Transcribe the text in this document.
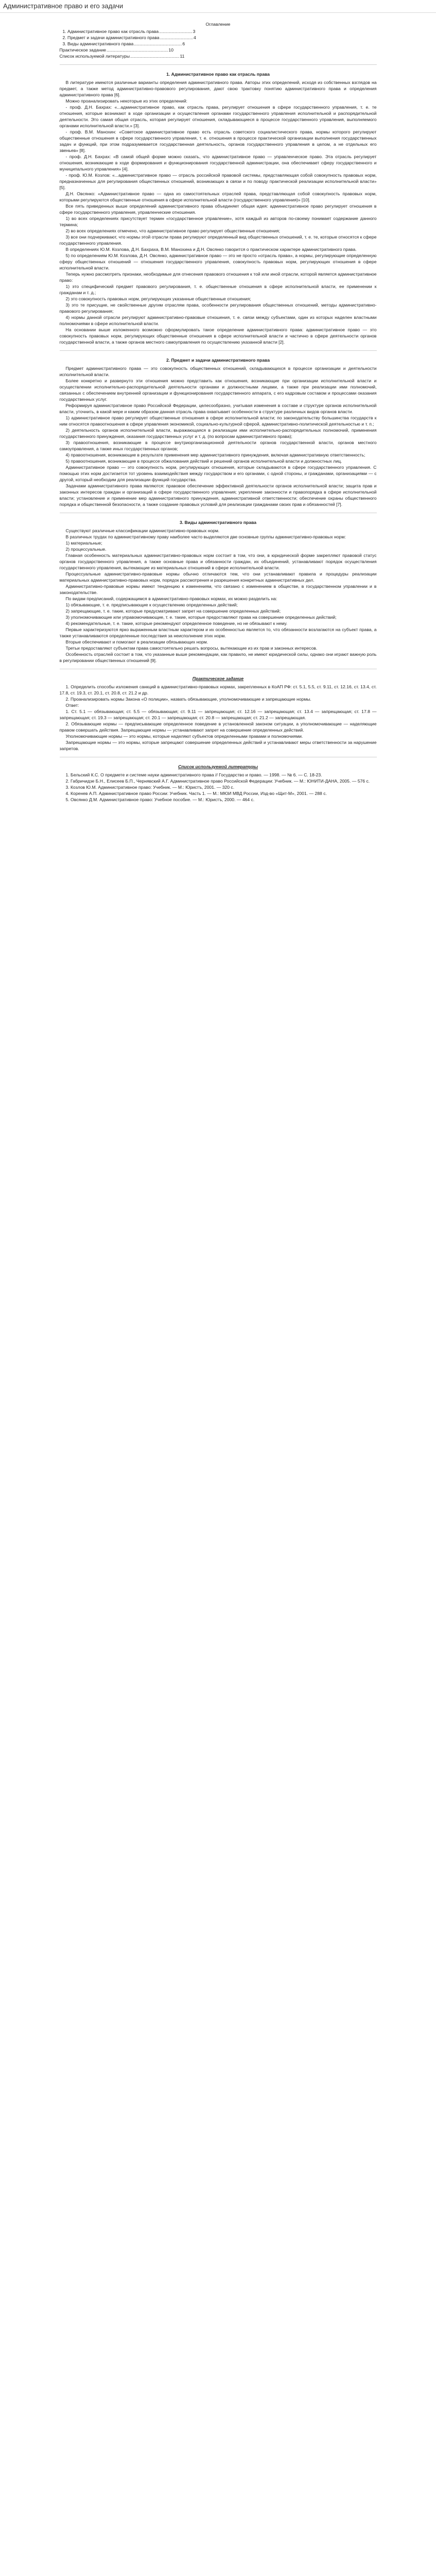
Административное право и его задачи
Оглавление
1. Административное право как отрасль права ........................... 3
2. Предмет и задачи административного права ........................... 4
3. Виды административного права ....................................... 6
Практическое задание .................................................. 10
Список используемой литературы ........................................ 11
1. Административное право как отрасль права

В литературе имеются различные варианты определения административного права. Авторы этих определений, исходя из собственных взглядов на предмет, а также метод административно-правового регулирования, дают свою трактовку понятию административного права и определения административного права [6].

Можно проанализировать некоторые из этих определений:

- проф. Д.Н. Бахрах: «...административное право, как отрасль права, регулирует отношения в сфере государственного управления, т. е. те отношения, которые возникают в ходе организации и осуществления органами государственного управления исполнительной и распорядительной деятельности. Это самая общая отрасль, которая регулирует отношения, складывающиеся в процессе государственного управления, выполняемого органами исполнительной власти.» [3].

- проф. В.М. Манохин: «Советское административное право есть отрасль советского социалистического права, нормы которого регулируют общественные отношения в сфере государственного управления, т. е. отношения в процессе практической организации выполнения государственных задач и функций, при этом подразумевается государственная деятельность, органов государственного управления в целом, а не отдельных его звеньев» [8].

- проф. Д.Н. Бахрах: «В самой общей форме можно сказать, что административное право — управленческое право. Эта отрасль регулирует отношения, возникающие в ходе формирования и функционирования государственной администрации, она обеспечивает сферу государственного и муниципального управления» [4].

- проф. Ю.М. Козлов: «...административное право — отрасль российской правовой системы, представляющая собой совокупность правовых норм, предназначенных для регулирования общественных отношений, возникающих в связи и по поводу практической реализации исполнительной власти» [5].

Д.Н. Овсянко: «Административное право — одна из самостоятельных отраслей права, представляющая собой совокупность правовых норм, которыми регулируются общественные отношения в сфере исполнительной власти (государственного управления)» [10].

Все пять приведенных выше определений административного права объединяет общая идея: административное право регулирует отношения в сфере государственного управления, управленческие отношения.

1) во всех определениях присутствует термин «государственное управление», хотя каждый из авторов по-своему понимает содержание данного термина;

2) во всех определениях отмечено, что административное право регулирует общественные отношения;

3) все они подчеркивают, что нормы этой отрасли права регулируют определенный вид общественных отношений, т. е. те, которые относятся к сфере государственного управления.

В определениях Ю.М. Козлова, Д.Н. Бахраха, В.М. Манохина и Д.Н. Овсянко говорится о практическом характере административного права.

5) по определениям Ю.М. Козлова, Д.Н. Овсянко, административное право — это не просто «отрасль права», а нормы, регулирующие определенную сферу общественных отношений — отношения государственного управления, совокупность правовых норм, регулирующих отношения в сфере исполнительной власти.

Теперь нужно рассмотреть признаки, необходимые для отнесения правового отношения к той или иной отрасли, которой является административное право:

1) это специфический предмет правового регулирования, т. е. общественные отношения в сфере исполнительной власти, ее применении к гражданам и т. д.;

2) это совокупность правовых норм, регулирующих указанные общественные отношения;

3) это те присущие, не свойственные другим отраслям права, особенности регулирования общественных отношений, методы административно-правового регулирования;

4) нормы данной отрасли регулируют административно-правовые отношения, т. е. связи между субъектами, один из которых наделен властными полномочиями в сфере исполнительной власти.

На основании выше изложенного возможно сформулировать такое определение административного права: административное право — это совокупность правовых норм, регулирующих общественные отношения в сфере исполнительной власти и частично в сфере деятельности органов государственной власти, а также органов местного самоуправления по осуществлению указанной власти [2].

2. Предмет и задачи административного права

Предмет административного права — это совокупность общественных отношений, складывающихся в процессе организации и деятельности исполнительной власти.

Более конкретно и развернуто эти отношения можно представить как отношения, возникающие при организации исполнительной власти и осуществлении исполнительно-распорядительной деятельности органами и должностными лицами, а также при реализации ими полномочий, связанных с обеспечением внутренней организации и функционирования государственного аппарата, с его кадровым составом и процессами оказания государственных услуг.

Реформируя административное право Российской Федерации, целесообразно, учитывая изменения в составе и структуре органов исполнительной власти, уточнить, в какой мере и каким образом данная отрасль права охватывает особенности в структуре различных видов органов власти.

1) административное право регулирует общественные отношения в сфере исполнительной власти; по законодательству большинства государств к ним относятся правоотношения в сфере управления экономикой, социально-культурной сферой, административно-политической деятельностью и т. п.;

2) деятельность органов исполнительной власти, выражающаяся в реализации ими исполнительно-распорядительных полномочий, применения государственного принуждения, оказания государственных услуг и т. д. (по вопросам административного права);

3) правоотношения, возникающие в процессе внутриорганизационной деятельности органов государственной власти, органов местного самоуправления, а также иных государственных органов;

4) правоотношения, возникающие в результате применения мер административного принуждения, включая административную ответственность;

5) правоотношения, возникающие в процессе обжалования действий и решений органов исполнительной власти и должностных лиц.

Административное право — это совокупность норм, регулирующих отношения, которые складываются в сфере государственного управления. С помощью этих норм достигается тот уровень взаимодействия между государством и его органами, с одной стороны, и гражданами, организациями — с другой, который необходим для реализации функций государства.

Задачами административного права являются: правовое обеспечение эффективной деятельности органов исполнительной власти; защита прав и законных интересов граждан и организаций в сфере государственного управления; укрепление законности и правопорядка в сфере исполнительной власти; установление и применение мер административного принуждения, административной ответственности; обеспечение охраны общественного порядка и общественной безопасности, а также создание правовых условий для реализации гражданами своих прав и обязанностей [7].

3. Виды административного права

Существуют различные классификации административно-правовых норм.

В различных трудах по административному праву наиболее часто выделяются две основные группы административно-правовых норм:

1) материальные;

2) процессуальные.

Главная особенность материальных административно-правовых норм состоит в том, что они, в юридической форме закрепляют правовой статус органов государственного управления, а также основные права и обязанности граждан, их объединений, устанавливают порядок осуществления государственного управления, вытекающие из материальных отношений в сфере исполнительной власти.

Процессуальные административно-правовые нормы обычно отличаются тем, что они устанавливают правила и процедуры реализации материальных административно-правовых норм, порядок рассмотрения и разрешения конкретных административных дел.

Административно-правовые нормы имеют тенденцию к изменениям, что связано с изменением в обществе, в государственном управлении и в законодательстве.

По видам предписаний, содержащимся в административно-правовых нормах, их можно разделить на:

1) обязывающие, т. е. предписывающие к осуществлению определенных действий;

2) запрещающие, т. е. такие, которые предусматривают запрет на совершение определенных действий;

3) уполномочивающие или управомочивающие, т. е. такие, которые предоставляют права на совершение определенных действий;

4) рекомендательные, т. е. такие, которые рекомендуют определенное поведение, но не обязывают к нему.

Первые характеризуются ярко выраженным властным характером и их особенностью является то, что обязанности возлагаются на субъект права, а также устанавливаются определенные последствия за неисполнение этих норм.

Вторые обеспечивают и помогают в реализации обязывающих норм.

Третьи предоставляют субъектам права самостоятельно решать вопросы, вытекающие из их прав и законных интересов.

Особенность отраслей состоит в том, что указанные выше рекомендации, как правило, не имеют юридической силы, однако они играют важную роль в регулировании общественных отношений [9].

Практическое задание

1. Определить способы изложения санкций в административно-правовых нормах, закрепленных в КоАП РФ: ст. 5.1, 5.5, ст. 9.11, ст. 12.16, ст. 13.4, ст. 17.8, ст. 19.3, ст. 20.1, ст. 20.8, ст. 21.2 и др.

2. Проанализировать нормы Закона «О полиции», назвать обязывающие, уполномочивающие и запрещающие нормы.

Ответ:

1. Ст. 5.1 — обязывающая; ст. 5.5 — обязывающая; ст. 9.11 — запрещающая; ст. 12.16 — запрещающая; ст. 13.4 — запрещающая; ст. 17.8 — запрещающая; ст. 19.3 — запрещающая; ст. 20.1 — запрещающая; ст. 20.8 — запрещающая; ст. 21.2 — запрещающая.

2. Обязывающие нормы — предписывающие определенное поведение в установленной законом ситуации, а уполномочивающие — наделяющие правом совершать действия. Запрещающие нормы — устанавливают запрет на совершение определенных действий.

Уполномочивающие нормы — это нормы, которые наделяют субъектов определенными правами и полномочиями.

Запрещающие нормы — это нормы, которые запрещают совершение определенных действий и устанавливают меры ответственности за нарушение запретов.

Список используемой литературы

1. Бельский К.С. О предмете и системе науки административного права // Государство и право. — 1998. — № 6. — С. 18-23.

2. Габричидзе Б.Н., Елисеев Б.П., Чернявский А.Г. Административное право Российской Федерации: Учебник. — М.: ЮНИТИ-ДАНА, 2005. — 576 с.

3. Козлов Ю.М. Административное право: Учебник. — М.: Юристъ, 2001. — 320 с.

4. Коренев А.П. Административное право России: Учебник. Часть 1. — М.: МЮИ МВД России, Изд-во «Щит-М», 2001. — 288 с.

5. Овсянко Д.М. Административное право: Учебное пособие. — М.: Юристъ, 2000. — 464 с.
